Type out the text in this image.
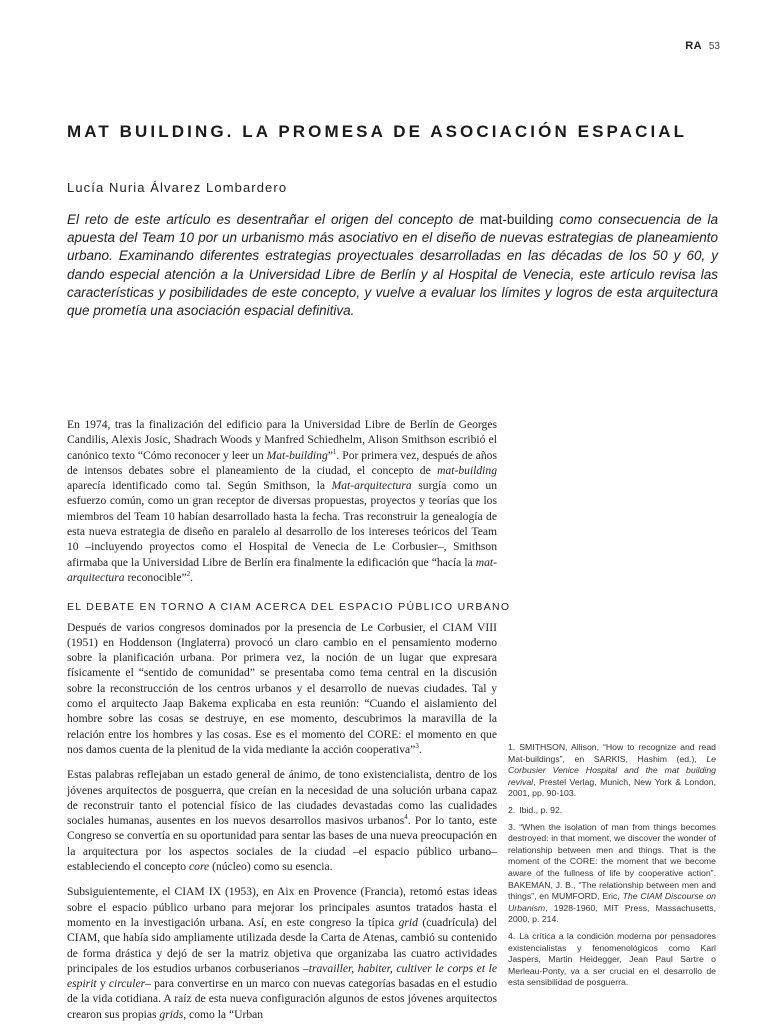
RA 53
MAT BUILDING. LA PROMESA DE ASOCIACIÓN ESPACIAL

Lucía Nuria Álvarez Lombardero

El reto de este artículo es desentrañar el origen del concepto de mat-building como consecuencia de la apuesta del Team 10 por un urbanismo más asociativo en el diseño de nuevas estrategias de planeamiento urbano. Examinando diferentes estrategias proyectuales desarrolladas en las décadas de los 50 y 60, y dando especial atención a la Universidad Libre de Berlín y al Hospital de Venecia, este artículo revisa las características y posibilidades de este concepto, y vuelve a evaluar los límites y logros de esta arquitectura que prometía una asociación espacial definitiva.

En 1974, tras la finalización del edificio para la Universidad Libre de Berlín de Georges Candilis, Alexis Josic, Shadrach Woods y Manfred Schiedhelm, Alison Smithson escribió el canónico texto “Cómo reconocer y leer un Mat-building”$^1$. Por primera vez, después de años de intensos debates sobre el planeamiento de la ciudad, el concepto de mat-building aparecía identificado como tal. Según Smithson, la Mat-arquitectura surgía como un esfuerzo común, como un gran receptor de diversas propuestas, proyectos y teorías que los miembros del Team 10 habían desarrollado hasta la fecha. Tras reconstruir la genealogía de esta nueva estrategia de diseño en paralelo al desarrollo de los intereses teóricos del Team 10 –incluyendo proyectos como el Hospital de Venecia de Le Corbusier–, Smithson afirmaba que la Universidad Libre de Berlín era finalmente la edificación que “hacía la mat-arquitectura reconocible”$^2$.

EL DEBATE EN TORNO A CIAM ACERCA DEL ESPACIO PÚBLICO URBANO

Después de varios congresos dominados por la presencia de Le Corbusier, el CIAM VIII (1951) en Hoddenson (Inglaterra) provocó un claro cambio en el pensamiento moderno sobre la planificación urbana. Por primera vez, la noción de un lugar que expresara físicamente el “sentido de comunidad” se presentaba como tema central en la discusión sobre la reconstrucción de los centros urbanos y el desarrollo de nuevas ciudades. Tal y como el arquitecto Jaap Bakema explicaba en esta reunión: “Cuando el aislamiento del hombre sobre las cosas se destruye, en ese momento, descubrimos la maravilla de la relación entre los hombres y las cosas. Ese es el momento del CORE: el momento en que nos damos cuenta de la plenitud de la vida mediante la acción cooperativa”$^3$.

Estas palabras reflejaban un estado general de ánimo, de tono existencialista, dentro de los jóvenes arquitectos de posguerra, que creían en la necesidad de una solución urbana capaz de reconstruir tanto el potencial físico de las ciudades devastadas como las cualidades sociales humanas, ausentes en los nuevos desarrollos masivos urbanos$^4$. Por lo tanto, este Congreso se convertía en su oportunidad para sentar las bases de una nueva preocupación en la arquitectura por los aspectos sociales de la ciudad –el espacio público urbano– estableciendo el concepto core (núcleo) como su esencia.

Subsiguientemente, el CIAM IX (1953), en Aix en Provence (Francia), retomó estas ideas sobre el espacio público urbano para mejorar los principales asuntos tratados hasta el momento en la investigación urbana. Así, en este congreso la típica grid (cuadrícula) del CIAM, que había sido ampliamente utilizada desde la Carta de Atenas, cambió su contenido de forma drástica y dejó de ser la matriz objetiva que organizaba las cuatro actividades principales de los estudios urbanos corbuserianos –travailler, habiter, cultiver le corps et le espirit y circuler– para convertirse en un marco con nuevas categorías basadas en el estudio de la vida cotidiana. A raíz de esta nueva configuración algunos de estos jóvenes arquitectos crearon sus propias grids, como la “Urban

1. SMITHSON, Allison, “How to recognize and read Mat-buildings”, en SARKIS, Hashim (ed.), Le Corbusier Venice Hospital and the mat building revival, Prestel Verlag, Munich, New York & London, 2001, pp. 90-103.

2. Ibid., p. 92.

3. “When the isolation of man from things becomes destroyed: in that moment, we discover the wonder of relationship between men and things. That is the moment of the CORE: the moment that we become aware of the fullness of life by cooperative action”. BAKEMAN, J. B., “The relationship between men and things”, en MUMFORD, Eric, The CIAM Discourse on Urbanism, 1928-1960, MIT Press, Massachusetts, 2000, p. 214.

4. La crítica a la condición moderna por pensadores existencialistas y fenomenológicos como Karl Jaspers, Martin Heidegger, Jean Paul Sartre o Merleau-Ponty, va a ser crucial en el desarrollo de esta sensibilidad de posguerra.
